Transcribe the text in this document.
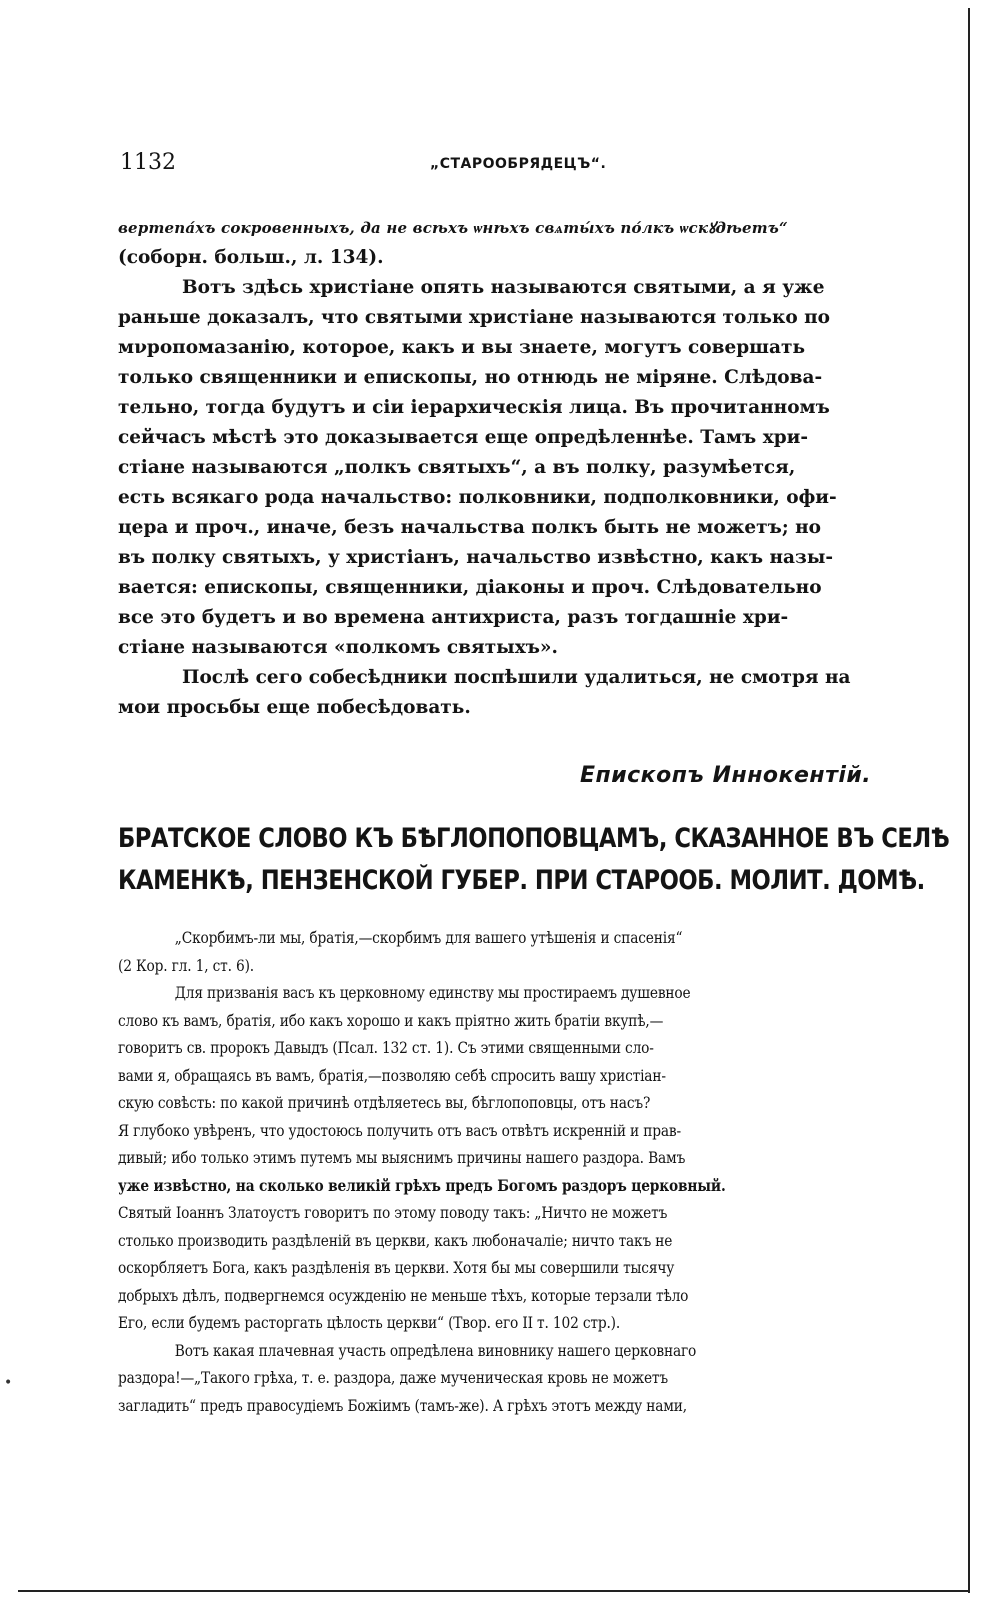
•
1132	„СТАРООБРЯДЕЦЪ“.
вертепа́хъ сокровенныхъ, да не всѣхъ ѡнѣхъ свѧты́хъ по́лкъ ѡскꙋдѣетъ“
(соборн. больш., л. 134).
Вотъ здѣсь христiане опять называются святыми, а я уже
раньше доказалъ, что святыми христiане называются только по
мνропомазанiю, которое, какъ и вы знаете, могутъ совершать
только священники и епископы, но отнюдь не мiряне. Слѣдова-
тельно, тогда будутъ и сiи iерархическiя лица. Въ прочитанномъ
сейчасъ мѣстѣ это доказывается еще опредѣленнѣе. Тамъ хри-
стiане называются „полкъ святыхъ“, а въ полку, разумѣется,
есть всякаго рода начальство: полковники, подполковники, офи-
цера и проч., иначе, безъ начальства полкъ быть не можетъ; но
въ полку святыхъ, у христiанъ, начальство извѣстно, какъ назы-
вается: епископы, священники, дiаконы и проч. Слѣдовательно
все это будетъ и во времена антихриста, разъ тогдашнiе хри-
стiане называются «полкомъ святыхъ».
Послѣ сего собесѣдники поспѣшили удалиться, не смотря на
мои просьбы еще побесѣдовать.
Епископъ Иннокентiй.
БРАТСКОЕ СЛОВО КЪ БѢГЛОПОПОВЦАМЪ, СКАЗАННОЕ ВЪ СЕЛѢ
КАМЕНКѢ, ПЕНЗЕНСКОЙ ГУБЕР. ПРИ СТАРООБ. МОЛИТ. ДОМѢ.
„Скорбимъ-ли мы, братiя,—скорбимъ для вашего утѣшенiя и спасенiя“
(2 Кор. гл. 1, ст. 6).
Для призванiя васъ къ церковному единству мы простираемъ душевное
слово къ вамъ, братiя, ибо какъ хорошо и какъ прiятно жить братiи вкупѣ,—
говоритъ св. пророкъ Давыдъ (Псал. 132 ст. 1). Съ этими священными сло-
вами я, обращаясь въ вамъ, братiя,—позволяю себѣ спросить вашу христiан-
скую совѣсть: по какой причинѣ отдѣляетесь вы, бѣглопоповцы, отъ насъ?
Я глубоко увѣренъ, что удостоюсь получить отъ васъ отвѣтъ искреннiй и прав-
дивый; ибо только этимъ путемъ мы выяснимъ причины нашего раздора. Вамъ
уже извѣстно, на сколько великiй грѣхъ предъ Богомъ раздоръ церковный.
Святый Iоаннъ Златоустъ говоритъ по этому поводу такъ: „Ничто не можетъ
столько производить раздѣленiй въ церкви, какъ любоначалiе; ничто такъ не
оскорбляетъ Бога, какъ раздѣленiя въ церкви. Хотя бы мы совершили тысячу
добрыхъ дѣлъ, подвергнемся осужденiю не меньше тѣхъ, которые терзали тѣло
Его, если будемъ расторгать цѣлость церкви“ (Твор. его II т. 102 стр.).
Вотъ какая плачевная участь опредѣлена виновнику нашего церковнаго
раздора!—„Такого грѣха, т. е. раздора, даже мученическая кровь не можетъ
загладить“ предъ правосудiемъ Божiимъ (тамъ-же). А грѣхъ этотъ между нами,
